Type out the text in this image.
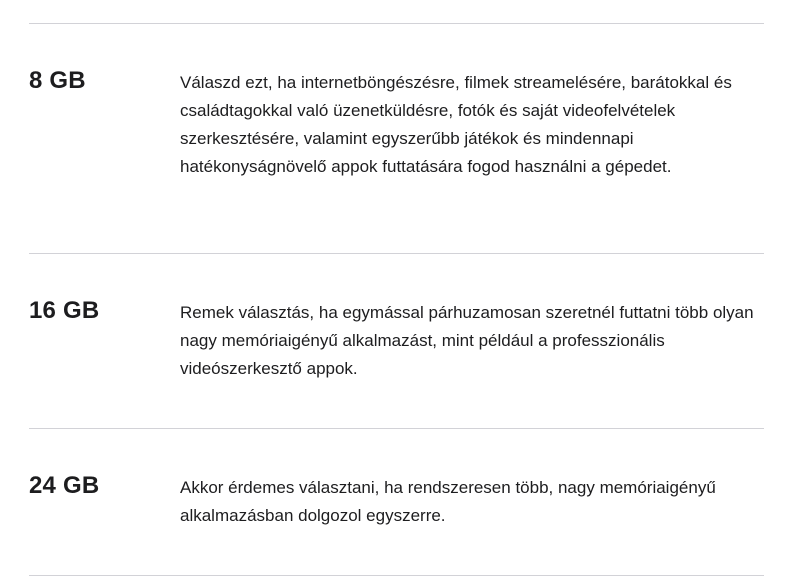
8 GB	Válaszd ezt, ha internetböngészésre, filmek streamelésére, barátokkal és családtagokkal való üzenetküldésre, fotók és saját videofelvételek szerkesztésére, valamint egyszerűbb játékok és mindennapi hatékonyságnövelő appok futtatására fogod használni a gépedet.

16 GB	Remek választás, ha egymással párhuzamosan szeretnél futtatni több olyan nagy memóriaigényű alkalmazást, mint például a professzionális videószerkesztő appok.

24 GB	Akkor érdemes választani, ha rendszeresen több, nagy memóriaigényű alkalmazásban dolgozol egyszerre.
